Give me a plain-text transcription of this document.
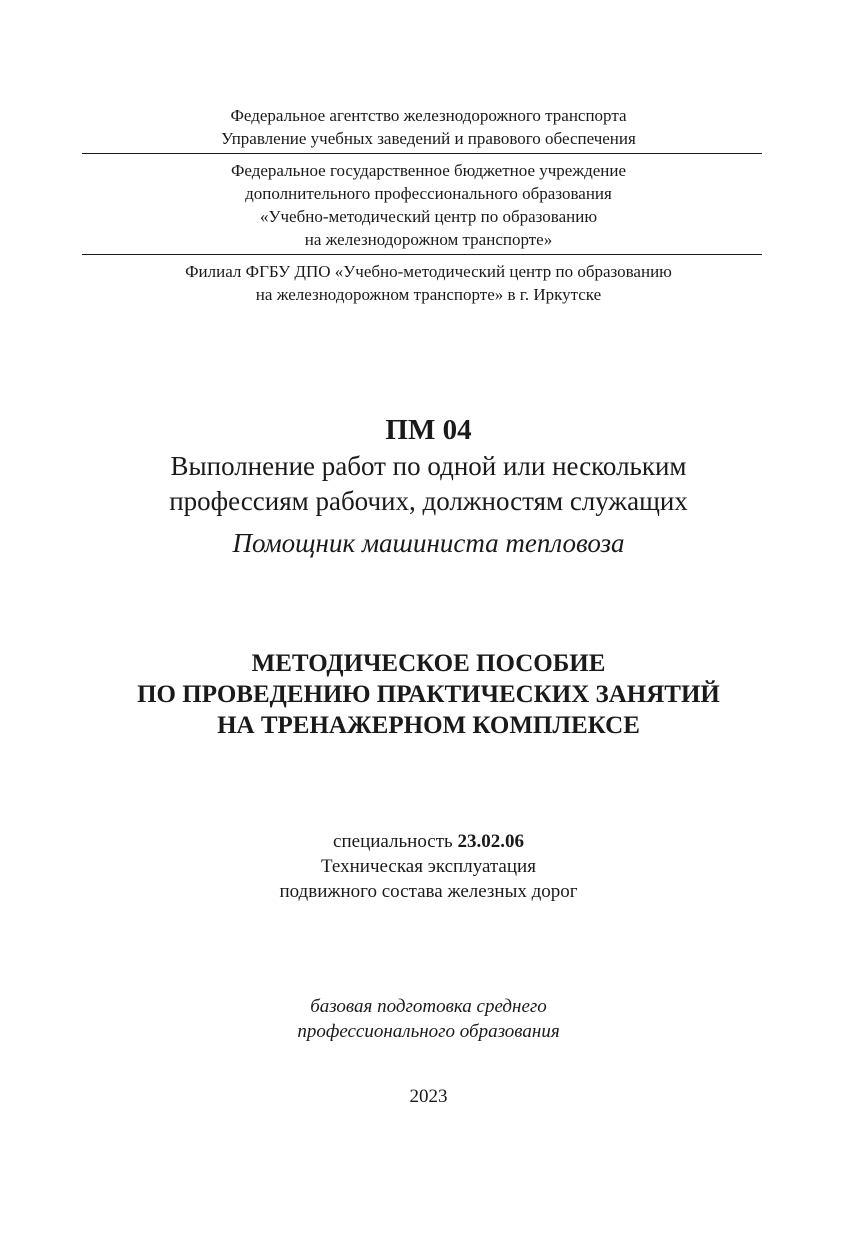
Федеральное агентство железнодорожного транспорта
Управление учебных заведений и правового обеспечения
Федеральное государственное бюджетное учреждение
дополнительного профессионального образования
«Учебно-методический центр по образованию
на железнодорожном транспорте»
Филиал ФГБУ ДПО «Учебно-методический центр по образованию
на железнодорожном транспорте» в г. Иркутске
ПМ 04
Выполнение работ по одной или нескольким
профессиям рабочих, должностям служащих
Помощник машиниста тепловоза
МЕТОДИЧЕСКОЕ ПОСОБИЕ
ПО ПРОВЕДЕНИЮ ПРАКТИЧЕСКИХ ЗАНЯТИЙ
НА ТРЕНАЖЕРНОМ КОМПЛЕКСЕ
специальность 23.02.06
Техническая эксплуатация
подвижного состава железных дорог
базовая подготовка среднего
профессионального образования
2023
